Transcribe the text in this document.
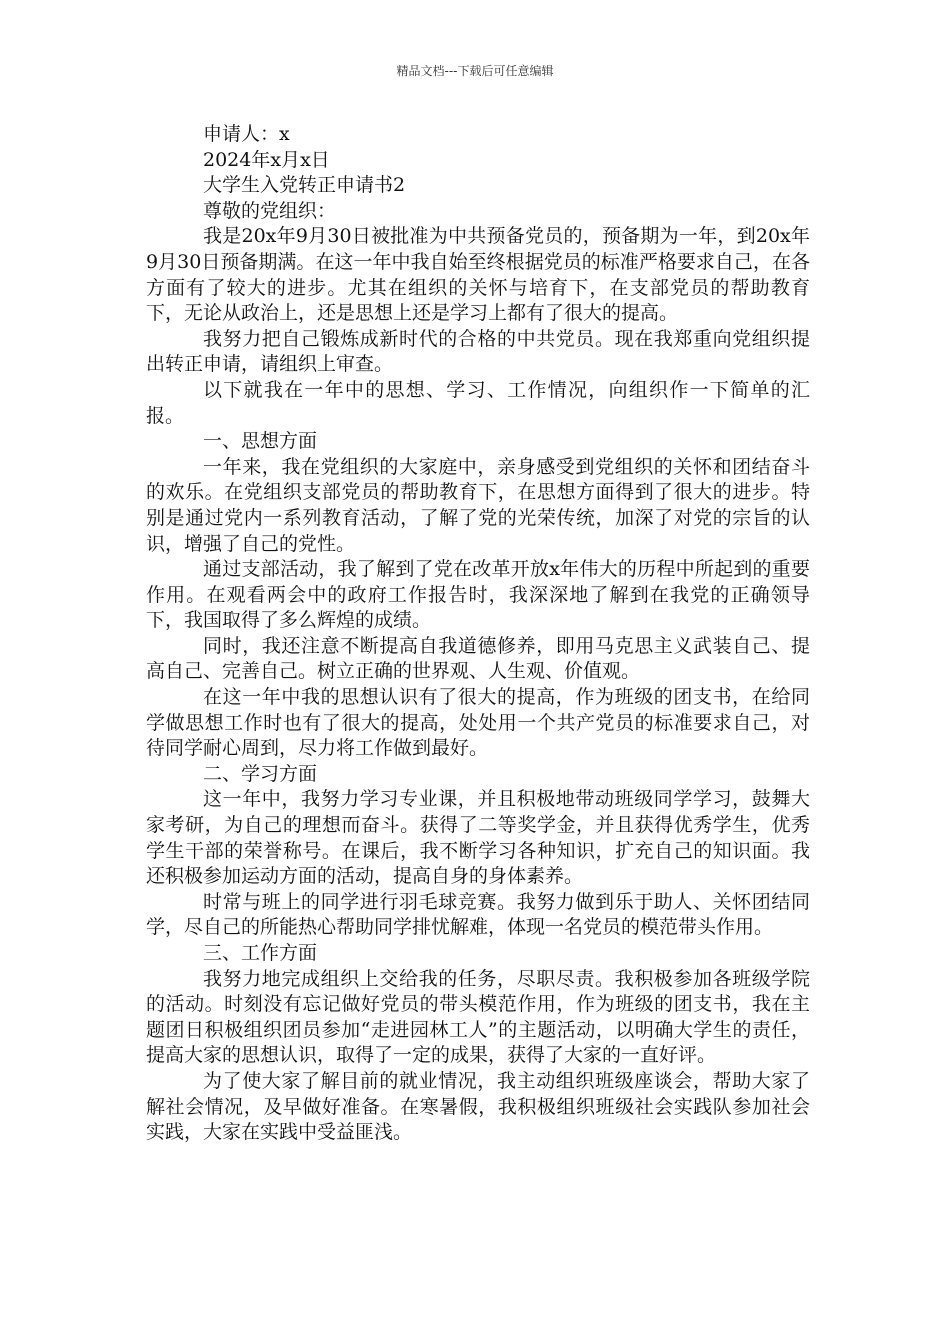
精品文档---下载后可任意编辑

申请人：x

2024年x月x日

大学生入党转正申请书2

尊敬的党组织：

我是20x年9月30日被批准为中共预备党员的，预备期为一年，到20x年9月30日预备期满。在这一年中我自始至终根据党员的标准严格要求自己，在各方面有了较大的进步。尤其在组织的关怀与培育下，在支部党员的帮助教育下，无论从政治上，还是思想上还是学习上都有了很大的提高。

我努力把自己锻炼成新时代的合格的中共党员。现在我郑重向党组织提出转正申请，请组织上审查。

以下就我在一年中的思想、学习、工作情况，向组织作一下简单的汇报。

一、思想方面

一年来，我在党组织的大家庭中，亲身感受到党组织的关怀和团结奋斗的欢乐。在党组织支部党员的帮助教育下，在思想方面得到了很大的进步。特别是通过党内一系列教育活动，了解了党的光荣传统，加深了对党的宗旨的认识，增强了自己的党性。

通过支部活动，我了解到了党在改革开放x年伟大的历程中所起到的重要作用。在观看两会中的政府工作报告时，我深深地了解到在我党的正确领导下，我国取得了多么辉煌的成绩。

同时，我还注意不断提高自我道德修养，即用马克思主义武装自己、提高自己、完善自己。树立正确的世界观、人生观、价值观。

在这一年中我的思想认识有了很大的提高，作为班级的团支书，在给同学做思想工作时也有了很大的提高，处处用一个共产党员的标准要求自己，对待同学耐心周到，尽力将工作做到最好。

二、学习方面

这一年中，我努力学习专业课，并且积极地带动班级同学学习，鼓舞大家考研，为自己的理想而奋斗。获得了二等奖学金，并且获得优秀学生，优秀学生干部的荣誉称号。在课后，我不断学习各种知识，扩充自己的知识面。我还积极参加运动方面的活动，提高自身的身体素养。

时常与班上的同学进行羽毛球竞赛。我努力做到乐于助人、关怀团结同学，尽自己的所能热心帮助同学排忧解难，体现一名党员的模范带头作用。

三、工作方面

我努力地完成组织上交给我的任务，尽职尽责。我积极参加各班级学院的活动。时刻没有忘记做好党员的带头模范作用，作为班级的团支书，我在主题团日积极组织团员参加“走进园林工人”的主题活动，以明确大学生的责任，提高大家的思想认识，取得了一定的成果，获得了大家的一直好评。

为了使大家了解目前的就业情况，我主动组织班级座谈会，帮助大家了解社会情况，及早做好准备。在寒暑假，我积极组织班级社会实践队参加社会实践，大家在实践中受益匪浅。
